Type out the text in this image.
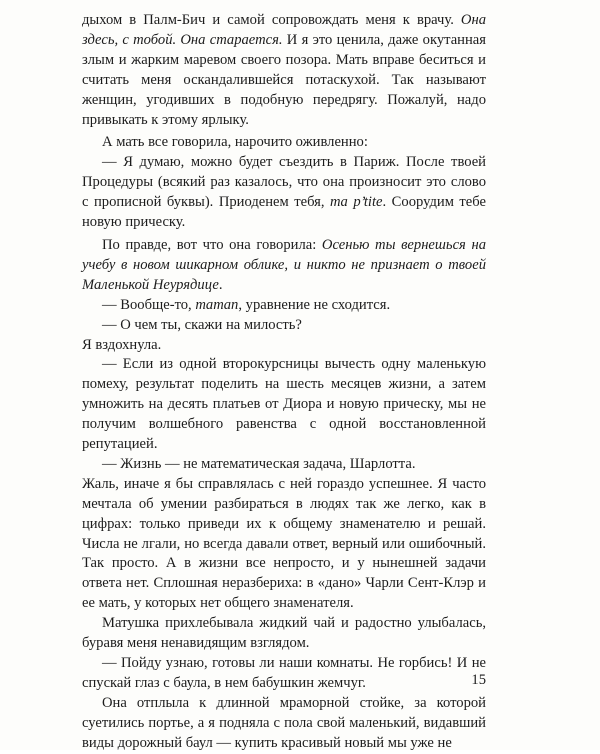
дыхом в Палм-Бич и самой сопровождать меня к врачу. Она здесь, с тобой. Она старается. И я это ценила, даже окутанная злым и жарким маревом своего позора. Мать вправе беситься и считать меня оскандалившейся потаскухой. Так называют женщин, угодивших в подобную передрягу. Пожалуй, надо привыкать к этому ярлыку.

А мать все говорила, нарочито оживленно:

— Я думаю, можно будет съездить в Париж. После твоей Процедуры (всякий раз казалось, что она произносит это слово с прописной буквы). Приоденем тебя, ma p’tite. Соорудим тебе новую прическу.

По правде, вот что она говорила: Осенью ты вернешься на учебу в новом шикарном облике, и никто не признает о твоей Маленькой Неурядице.

— Вообще-то, maman, уравнение не сходится.

— О чем ты, скажи на милость?

Я вздохнула.

— Если из одной второкурсницы вычесть одну маленькую помеху, результат поделить на шесть месяцев жизни, а затем умножить на десять платьев от Диора и новую прическу, мы не получим волшебного равенства с одной восстановленной репутацией.

— Жизнь — не математическая задача, Шарлотта.

Жаль, иначе я бы справлялась с ней гораздо успешнее. Я часто мечтала об умении разбираться в людях так же легко, как в цифрах: только приведи их к общему знаменателю и решай. Числа не лгали, но всегда давали ответ, верный или ошибочный. Так просто. А в жизни все непросто, и у нынешней задачи ответа нет. Сплошная неразбериха: в «дано» Чарли Сент-Клэр и ее мать, у которых нет общего знаменателя.

Матушка прихлебывала жидкий чай и радостно улыбалась, буравя меня ненавидящим взглядом.

— Пойду узнаю, готовы ли наши комнаты. Не горбись! И не спускай глаз с баула, в нем бабушкин жемчуг.

Она отплыла к длинной мраморной стойке, за которой суетились портье, а я подняла с пола свой маленький, видавший виды дорожный баул — купить красивый новый мы уже не

15
